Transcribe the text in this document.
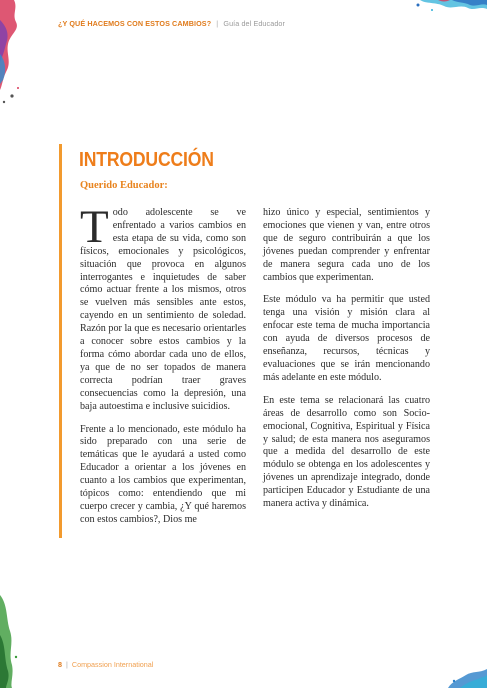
¿Y QUÉ HACEMOS CON ESTOS CAMBIOS? | Guía del Educador
INTRODUCCIÓN
Querido Educador:

Todo adolescente se ve enfrentado a varios cambios en esta etapa de su vida, como son físicos, emocionales y psicológicos, situación que provoca en algunos interrogantes e inquietudes de saber cómo actuar frente a los mismos, otros se vuelven más sensibles ante estos, cayendo en un sentimiento de soledad. Razón por la que es necesario orientarles a conocer sobre estos cambios y la forma cómo abordar cada uno de ellos, ya que de no ser topados de manera correcta podrían traer graves consecuencias como la depresión, una baja autoestima e inclusive suicidios.

Frente a lo mencionado, este módulo ha sido preparado con una serie de temáticas que le ayudará a usted como Educador a orientar a los jóvenes en cuanto a los cambios que experimentan, tópicos como: entendiendo que mi cuerpo crecer y cambia, ¿Y qué haremos con estos cambios?, Dios me

hizo único y especial, sentimientos y emociones que vienen y van, entre otros que de seguro contribuirán a que los jóvenes puedan comprender y enfrentar de manera segura cada uno de los cambios que experimentan.

Este módulo va ha permitir que usted tenga una visión y misión clara al enfocar este tema de mucha importancia con ayuda de diversos procesos de enseñanza, recursos, técnicas y evaluaciones que se irán mencionando más adelante en este módulo.

En este tema se relacionará las cuatro áreas de desarrollo como son Socio-emocional, Cognitiva, Espiritual y Física y salud; de esta manera nos aseguramos que a medida del desarrollo de este módulo se obtenga en los adolescentes y jóvenes un aprendizaje integrado, donde participen Educador y Estudiante de una manera activa y dinámica.

8 | Compassion International
